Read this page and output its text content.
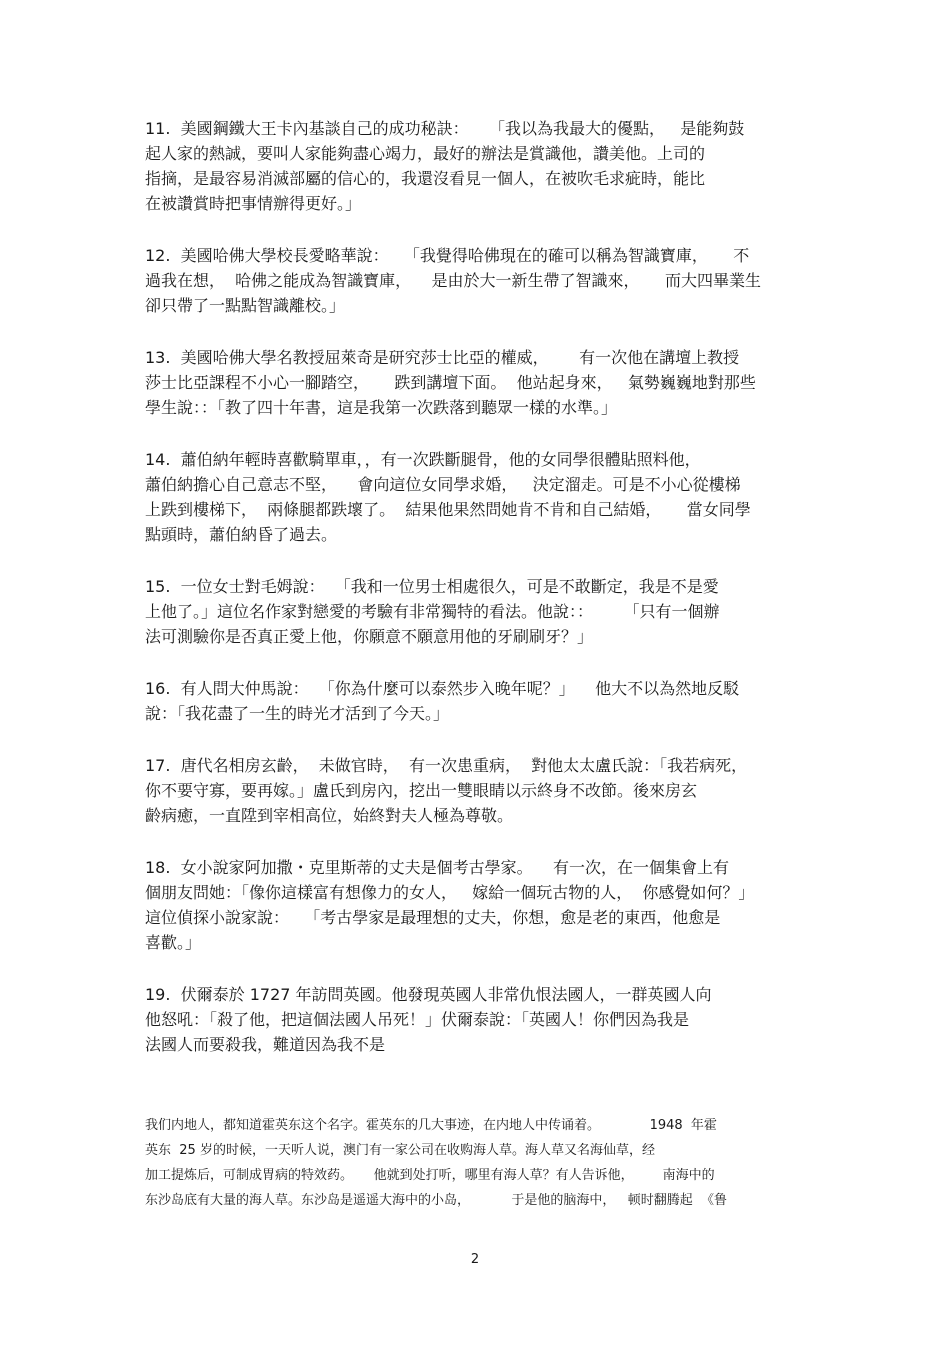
11.  美國鋼鐵大王卡內基談自己的成功秘訣：    「我以為我最大的優點，   是能夠鼓
起人家的熱誠，要叫人家能夠盡心竭力，最好的辦法是賞識他，讚美他。上司的
指摘，是最容易消滅部屬的信心的，我還沒看見一個人，在被吹毛求疵時，能比
在被讚賞時把事情辦得更好。」
12.  美國哈佛大學校長愛略華說：   「我覺得哈佛現在的確可以稱為智識寶庫，     不
過我在想，  哈佛之能成為智識寶庫，    是由於大一新生帶了智識來，     而大四畢業生
卻只帶了一點點智識離校。」
13.  美國哈佛大學名教授屈萊奇是研究莎士比亞的權威，      有一次他在講壇上教授
莎士比亞課程不小心一腳踏空，     跌到講壇下面。  他站起身來，   氣勢巍巍地對那些
學生說：：「教了四十年書，這是我第一次跌落到聽眾一樣的水準。」
14.  蕭伯納年輕時喜歡騎單車，，有一次跌斷腿骨，他的女同學很體貼照料他，
蕭伯納擔心自己意志不堅，    會向這位女同學求婚，   決定溜走。可是不小心從樓梯
上跌到樓梯下，  兩條腿都跌壞了。  結果他果然問她肯不肯和自己結婚，     當女同學
點頭時，蕭伯納昏了過去。
15.  一位女士對毛姆說：  「我和一位男士相處很久，可是不敢斷定，我是不是愛
上他了。」這位名作家對戀愛的考驗有非常獨特的看法。他說：：      「只有一個辦
法可測驗你是否真正愛上他，你願意不願意用他的牙刷刷牙？」
16.  有人問大仲馬說：  「你為什麼可以泰然步入晚年呢？」    他大不以為然地反駁
說：「我花盡了一生的時光才活到了今天。」
17.  唐代名相房玄齡，  未做官時，  有一次患重病，  對他太太盧氏說：「我若病死，
你不要守寡，要再嫁。」盧氏到房內，挖出一雙眼睛以示終身不改節。後來房玄
齡病癒，一直陞到宰相高位，始終對夫人極為尊敬。
18.  女小說家阿加撒・克里斯蒂的丈夫是個考古學家。    有一次，在一個集會上有
個朋友問她：「像你這樣富有想像力的女人，   嫁給一個玩古物的人，  你感覺如何？」
這位偵探小說家說：   「考古學家是最理想的丈夫，你想，愈是老的東西，他愈是
喜歡。」
19.  伏爾泰於 1727 年訪問英國。他發現英國人非常仇恨法國人，一群英國人向
他怒吼：「殺了他，把這個法國人吊死！」伏爾泰說：「英國人！你們因為我是
法國人而要殺我，難道因為我不是
我们内地人，都知道霍英东这个名字。霍英东的几大事迹，在内地人中传诵着。            1948  年霍
英东  25 岁的时候，一天听人说，澳门有一家公司在收购海人草。海人草又名海仙草，经
加工提炼后，可制成胃病的特效药。     他就到处打听，哪里有海人草？有人告诉他，       南海中的
东沙岛底有大量的海人草。东沙岛是遥遥大海中的小岛，          于是他的脑海中，   顿时翻腾起  《鲁
2
